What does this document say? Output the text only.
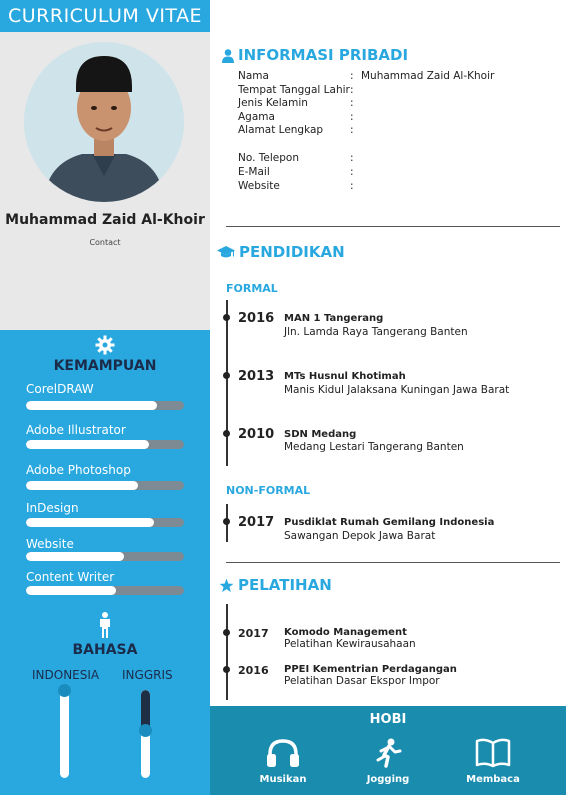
CURRICULUM VITAE
Muhammad Zaid Al-Khoir
Contact
KEMAMPUAN
CorelDRAW
Adobe Illustrator
Adobe Photoshop
InDesign
Website
Content Writer
BAHASA
INDONESIA INGGRIS
INFORMASI PRIBADI
Nama
Tempat Tanggal Lahir
Jenis Kelamin
Agama
Alamat Lengkap
No. Telepon
E-Mail
Website
:
:
:
:
:
:
:
:
Muhammad Zaid Al-Khoir
PENDIDIKAN
FORMAL
2016 MAN 1 Tangerang
Jln. Lamda Raya Tangerang Banten
2013 MTs Husnul Khotimah
Manis Kidul Jalaksana Kuningan Jawa Barat
2010 SDN Medang
Medang Lestari Tangerang Banten
NON-FORMAL
2017 Pusdiklat Rumah Gemilang Indonesia
Sawangan Depok Jawa Barat
PELATIHAN
2017 Komodo Management
Pelatihan Kewirausahaan
2016 PPEI Kementrian Perdagangan
Pelatihan Dasar Ekspor Impor
HOBI
Musikan	Jogging	Membaca
